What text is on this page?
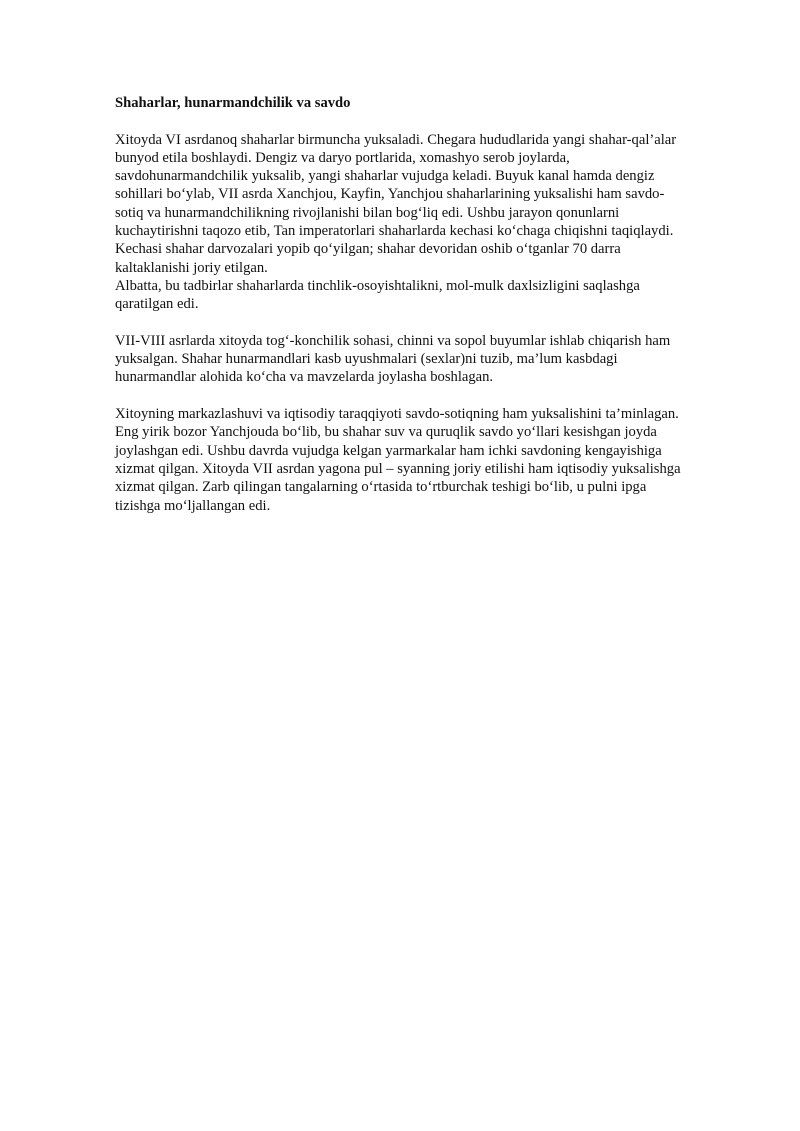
Shaharlar, hunarmandchilik va savdo
Xitoyda VI asrdanoq shaharlar birmuncha yuksaladi. Chegara hududlarida yangi shahar-qal’alar
bunyod etila boshlaydi. Dengiz va daryo portlarida, xomashyo serob joylarda,
savdohunarmandchilik yuksalib, yangi shaharlar vujudga keladi. Buyuk kanal hamda dengiz
sohillari bo‘ylab, VII asrda Xanchjou, Kayfin, Yanchjou shaharlarining yuksalishi ham savdo-
sotiq va hunarmandchilikning rivojlanishi bilan bog‘liq edi. Ushbu jarayon qonunlarni
kuchaytirishni taqozo etib, Tan imperatorlari shaharlarda kechasi ko‘chaga chiqishni taqiqlaydi.
Kechasi shahar darvozalari yopib qo‘yilgan; shahar devoridan oshib o‘tganlar 70 darra
kaltaklanishi joriy etilgan.
Albatta, bu tadbirlar shaharlarda tinchlik-osoyishtalikni, mol-mulk daxlsizligini saqlashga
qaratilgan edi.
VII-VIII asrlarda xitoyda tog‘-konchilik sohasi, chinni va sopol buyumlar ishlab chiqarish ham
yuksalgan. Shahar hunarmandlari kasb uyushmalari (sexlar)ni tuzib, ma’lum kasbdagi
hunarmandlar alohida ko‘cha va mavzelarda joylasha boshlagan.
Xitoyning markazlashuvi va iqtisodiy taraqqiyoti savdo-sotiqning ham yuksalishini ta’minlagan.
Eng yirik bozor Yanchjouda bo‘lib, bu shahar suv va quruqlik savdo yo‘llari kesishgan joyda
joylashgan edi. Ushbu davrda vujudga kelgan yarmarkalar ham ichki savdoning kengayishiga
xizmat qilgan. Xitoyda VII asrdan yagona pul – syanning joriy etilishi ham iqtisodiy yuksalishga
xizmat qilgan. Zarb qilingan tangalarning o‘rtasida to‘rtburchak teshigi bo‘lib, u pulni ipga
tizishga mo‘ljallangan edi.
